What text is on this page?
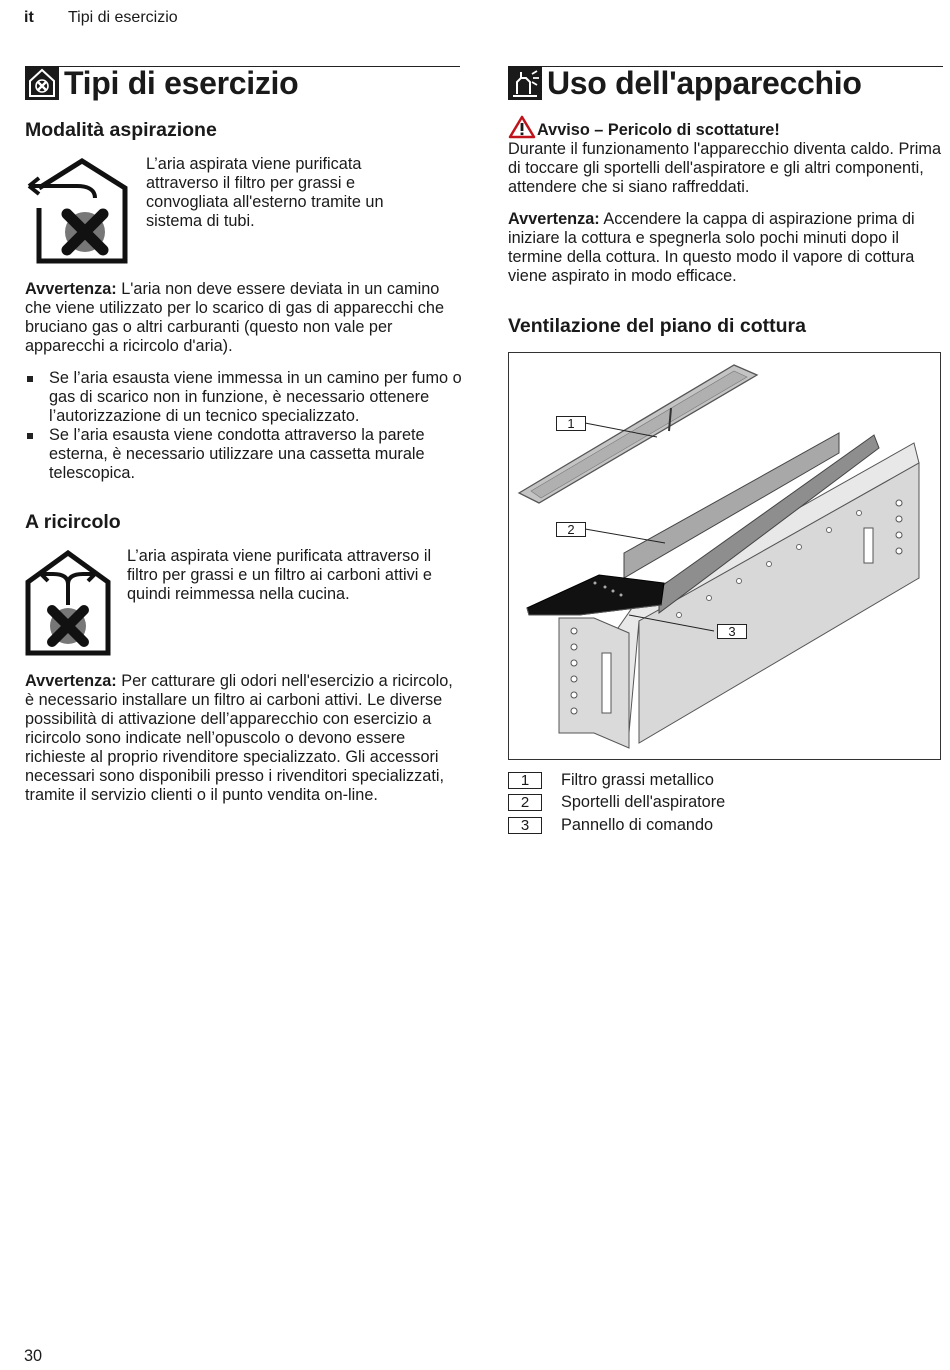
it Tipi di esercizio
Tipi di esercizio
Modalità aspirazione

L’aria aspirata viene purificata attraverso il filtro per grassi e convogliata all'esterno tramite un sistema di tubi.

Avvertenza: L'aria non deve essere deviata in un camino che viene utilizzato per lo scarico di gas di apparecchi che bruciano gas o altri carburanti (questo non vale per apparecchi a ricircolo d'aria).

Se l’aria esausta viene immessa in un camino per fumo o gas di scarico non in funzione, è necessario ottenere l’autorizzazione di un tecnico specializzato.
Se l’aria esausta viene condotta attraverso la parete esterna, è necessario utilizzare una cassetta murale telescopica.
A ricircolo

L’aria aspirata viene purificata attraverso il filtro per grassi e un filtro ai carboni attivi e quindi reimmessa nella cucina.

Avvertenza: Per catturare gli odori nell'esercizio a ricircolo, è necessario installare un filtro ai carboni attivi. Le diverse possibilità di attivazione dell’apparecchio con esercizio a ricircolo sono indicate nell’opuscolo o devono essere richieste al proprio rivenditore specializzato. Gli accessori necessari sono disponibili presso i rivenditori specializzati, tramite il servizio clienti o il punto vendita on-line.

Uso dell'apparecchio
Avviso – Pericolo di scottature!

Durante il funzionamento l'apparecchio diventa caldo. Prima di toccare gli sportelli dell'aspiratore e gli altri componenti, attendere che si siano raffreddati.

Avvertenza: Accendere la cappa di aspirazione prima di iniziare la cottura e spegnerla solo pochi minuti dopo il termine della cottura. In questo modo il vapore di cottura viene aspirato in modo efficace.

Ventilazione del piano di cottura
1
2
3
1	Filtro grassi metallico
2	Sportelli dell'aspiratore
3	Pannello di comando
30
